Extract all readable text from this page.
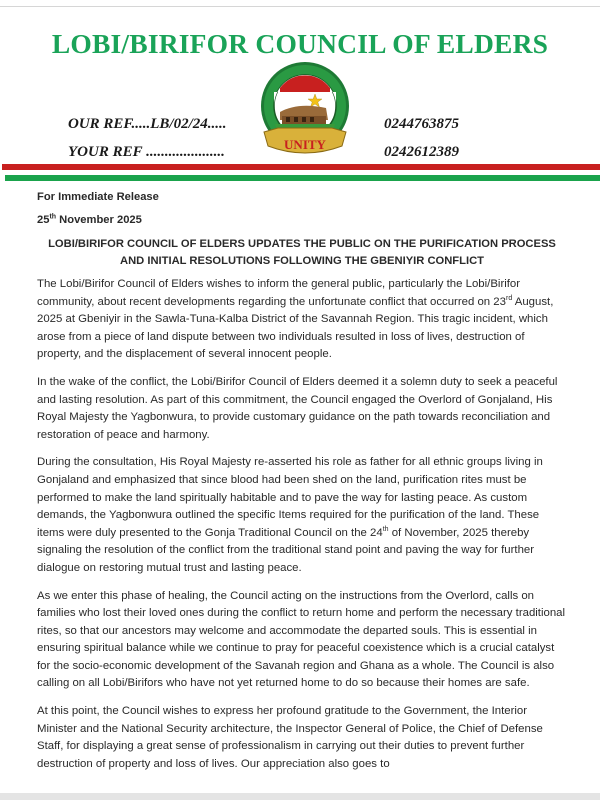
LOBI/BIRIFOR COUNCIL OF ELDERS
OUR REF.....LB/02/24.....
YOUR REF .....................
0244763875
0242612389
UNITY
For Immediate Release
25th November 2025
LOBI/BIRIFOR COUNCIL OF ELDERS UPDATES THE PUBLIC ON THE PURIFICATION PROCESS
AND INITIAL RESOLUTIONS FOLLOWING THE GBENIYIR CONFLICT

The Lobi/Birifor Council of Elders wishes to inform the general public, particularly the Lobi/Birifor community, about recent developments regarding the unfortunate conflict that occurred on 23rd August, 2025 at Gbeniyir in the Sawla-Tuna-Kalba District of the Savannah Region. This tragic incident, which arose from a piece of land dispute between two individuals resulted in loss of lives, destruction of property, and the displacement of several innocent people.

In the wake of the conflict, the Lobi/Birifor Council of Elders deemed it a solemn duty to seek a peaceful and lasting resolution. As part of this commitment, the Council engaged the Overlord of Gonjaland, His Royal Majesty the Yagbonwura, to provide customary guidance on the path towards reconciliation and restoration of peace and harmony.

During the consultation, His Royal Majesty re-asserted his role as father for all ethnic groups living in Gonjaland and emphasized that since blood had been shed on the land, purification rites must be performed to make the land spiritually habitable and to pave the way for lasting peace. As custom demands, the Yagbonwura outlined the specific Items required for the purification of the land. These items were duly presented to the Gonja Traditional Council on the 24th of November, 2025 thereby signaling the resolution of the conflict from the traditional stand point and paving the way for further dialogue on restoring mutual trust and lasting peace.

As we enter this phase of healing, the Council acting on the instructions from the Overlord, calls on families who lost their loved ones during the conflict to return home and perform the necessary traditional rites, so that our ancestors may welcome and accommodate the departed souls. This is essential in ensuring spiritual balance while we continue to pray for peaceful coexistence which is a crucial catalyst for the socio-economic development of the Savanah region and Ghana as a whole. The Council is also calling on all Lobi/Birifors who have not yet returned home to do so because their homes are safe.

At this point, the Council wishes to express her profound gratitude to the Government, the Interior Minister and the National Security architecture, the Inspector General of Police, the Chief of Defense Staff, for displaying a great sense of professionalism in carrying out their duties to prevent further destruction of property and loss of lives. Our appreciation also goes to
